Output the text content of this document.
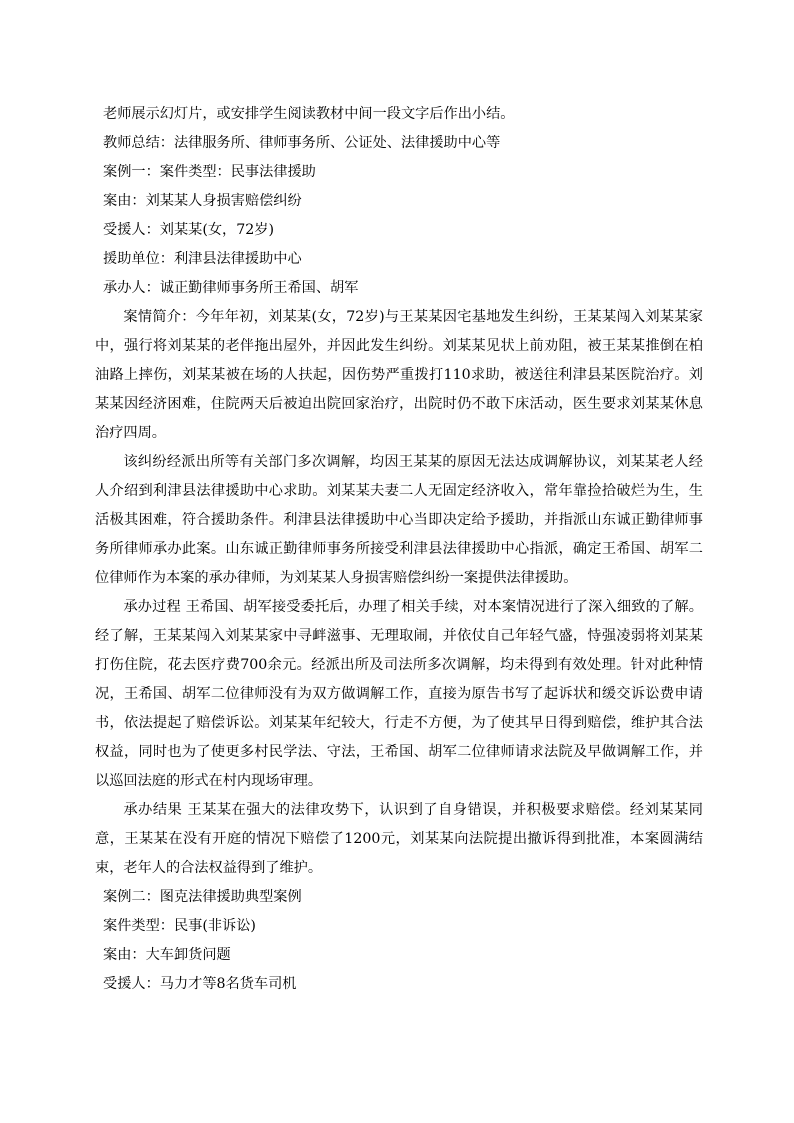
老师展示幻灯片，或安排学生阅读教材中间一段文字后作出小结。

教师总结：法律服务所、律师事务所、公证处、法律援助中心等

案例一：案件类型：民事法律援助

案由：刘某某人身损害赔偿纠纷

受援人：刘某某(女，72岁)

援助单位：利津县法律援助中心

承办人：诚正勤律师事务所王希国、胡军

案情简介：今年年初，刘某某(女，72岁)与王某某因宅基地发生纠纷，王某某闯入刘某某家中，强行将刘某某的老伴拖出屋外，并因此发生纠纷。刘某某见状上前劝阻，被王某某推倒在柏油路上摔伤，刘某某被在场的人扶起，因伤势严重拨打110求助，被送往利津县某医院治疗。刘某某因经济困难，住院两天后被迫出院回家治疗，出院时仍不敢下床活动，医生要求刘某某休息治疗四周。

该纠纷经派出所等有关部门多次调解，均因王某某的原因无法达成调解协议，刘某某老人经人介绍到利津县法律援助中心求助。刘某某夫妻二人无固定经济收入，常年靠捡拾破烂为生，生活极其困难，符合援助条件。利津县法律援助中心当即决定给予援助，并指派山东诚正勤律师事务所律师承办此案。山东诚正勤律师事务所接受利津县法律援助中心指派，确定王希国、胡军二位律师作为本案的承办律师，为刘某某人身损害赔偿纠纷一案提供法律援助。

承办过程 王希国、胡军接受委托后，办理了相关手续，对本案情况进行了深入细致的了解。经了解，王某某闯入刘某某家中寻衅滋事、无理取闹，并依仗自己年轻气盛，恃强凌弱将刘某某打伤住院，花去医疗费700余元。经派出所及司法所多次调解，均未得到有效处理。针对此种情况，王希国、胡军二位律师没有为双方做调解工作，直接为原告书写了起诉状和缓交诉讼费申请书，依法提起了赔偿诉讼。刘某某年纪较大，行走不方便，为了使其早日得到赔偿，维护其合法权益，同时也为了使更多村民学法、守法，王希国、胡军二位律师请求法院及早做调解工作，并以巡回法庭的形式在村内现场审理。

承办结果 王某某在强大的法律攻势下，认识到了自身错误，并积极要求赔偿。经刘某某同意，王某某在没有开庭的情况下赔偿了1200元，刘某某向法院提出撤诉得到批准，本案圆满结束，老年人的合法权益得到了维护。

案例二：图克法律援助典型案例

案件类型：民事(非诉讼)

案由：大车卸货问题

受援人：马力才等8名货车司机
